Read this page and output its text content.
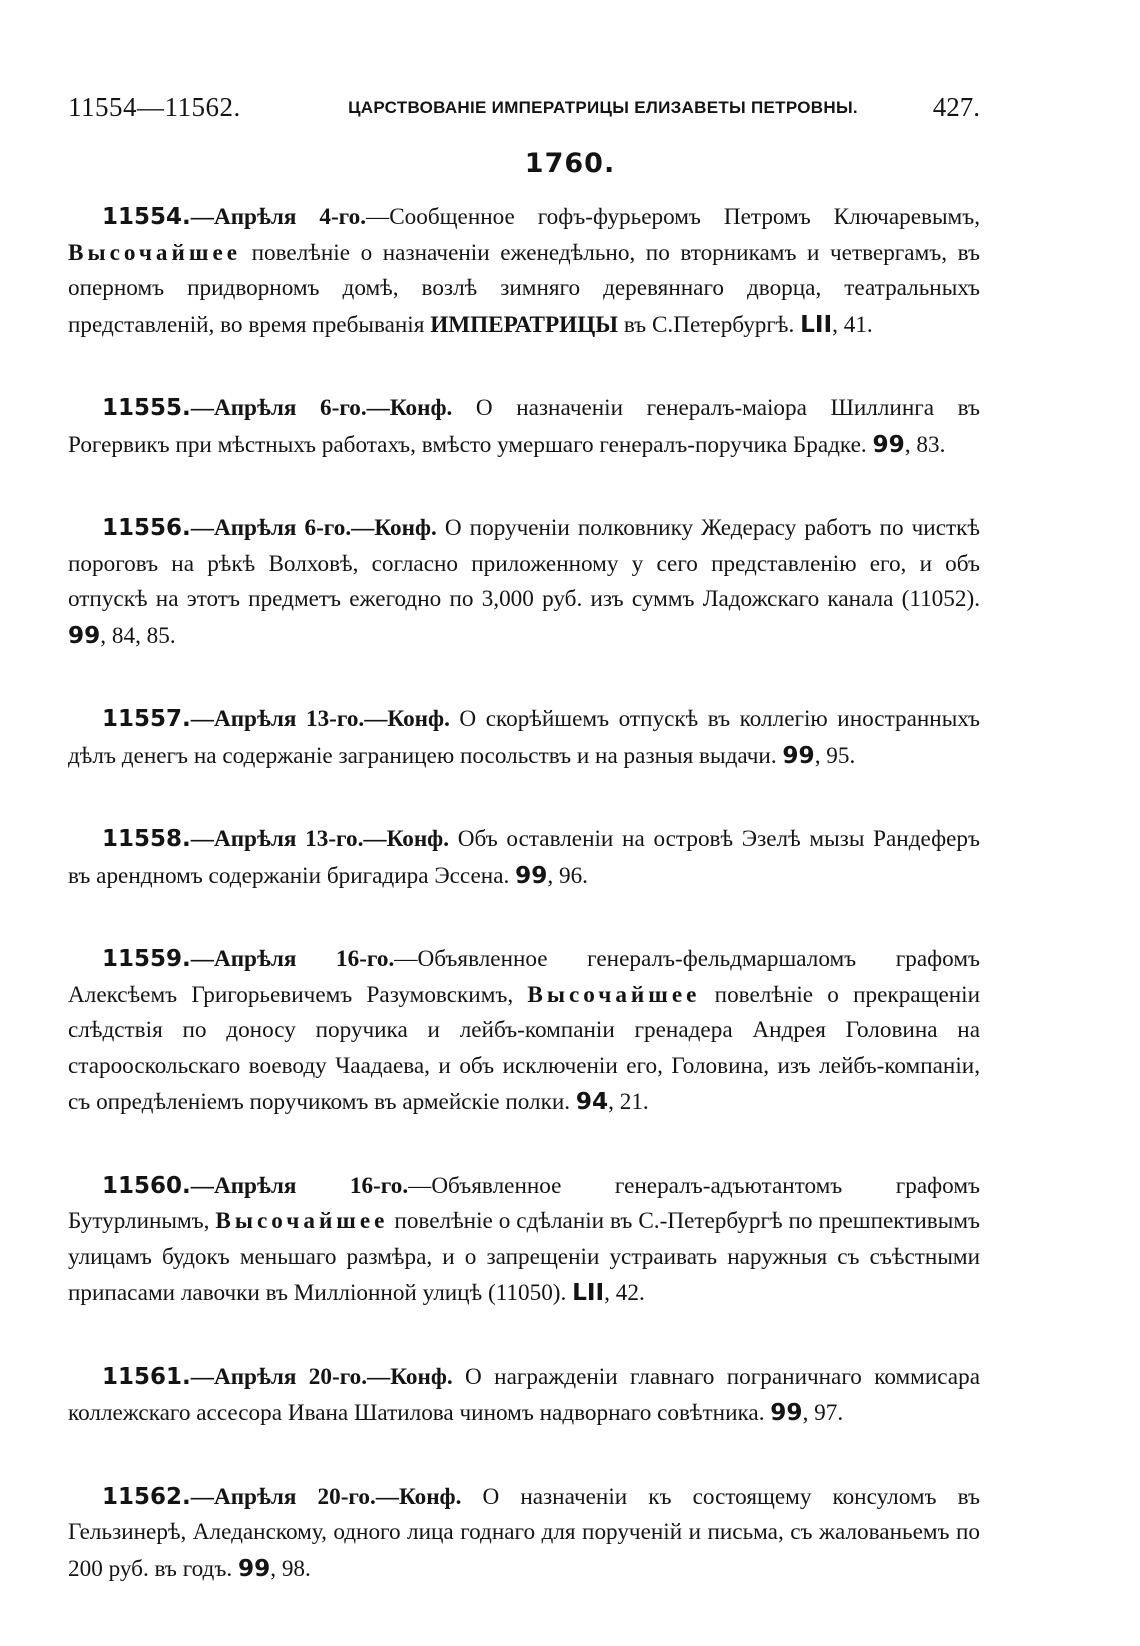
11554—11562.	ЦАРСТВОВАНІЕ ИМПЕРАТРИЦЫ ЕЛИЗАВЕТЫ ПЕТРОВНЫ.	427.
1760.

11554.—Апрѣля 4-го.—Сообщенное гофъ-фурьеромъ Петромъ Ключаревымъ, Высочайшее повелѣніе о назначеніи еженедѣльно, по вторникамъ и четвергамъ, въ оперномъ придворномъ домѣ, возлѣ зимняго деревяннаго дворца, театральныхъ представленій, во время пребыванія ИМПЕРАТРИЦЫ въ С.Петербургѣ. LII, 41.

11555.—Апрѣля 6-го.—Конф. О назначеніи генералъ-маіора Шиллинга въ Рогервикъ при мѣстныхъ работахъ, вмѣсто умершаго генералъ-поручика Брадке. 99, 83.

11556.—Апрѣля 6-го.—Конф. О порученіи полковнику Жедерасу работъ по чисткѣ пороговъ на рѣкѣ Волховѣ, согласно приложенному у сего представленію его, и объ отпускѣ на этотъ предметъ ежегодно по 3,000 руб. изъ суммъ Ладожскаго канала (11052). 99, 84, 85.

11557.—Апрѣля 13-го.—Конф. О скорѣйшемъ отпускѣ въ коллегію иностранныхъ дѣлъ денегъ на содержаніе заграницею посольствъ и на разныя выдачи. 99, 95.

11558.—Апрѣля 13-го.—Конф. Объ оставленіи на островѣ Эзелѣ мызы Рандеферъ въ арендномъ содержаніи бригадира Эссена. 99, 96.

11559.—Апрѣля 16-го.—Объявленное генералъ-фельдмаршаломъ графомъ Алексѣемъ Григорьевичемъ Разумовскимъ, Высочайшее повелѣніе о прекращеніи слѣдствія по доносу поручика и лейбъ-компаніи гренадера Андрея Головина на старооскольскаго воеводу Чаадаева, и объ исключеніи его, Головина, изъ лейбъ-компаніи, съ опредѣленіемъ поручикомъ въ армейскіе полки. 94, 21.

11560.—Апрѣля 16-го.—Объявленное генералъ-адъютантомъ графомъ Бутурлинымъ, Высочайшее повелѣніе о сдѣланіи въ С.-Петербургѣ по прешпективымъ улицамъ будокъ меньшаго размѣра, и о запрещеніи устраивать наружныя съ съѣстными припасами лавочки въ Милліонной улицѣ (11050). LII, 42.

11561.—Апрѣля 20-го.—Конф. О награжденіи главнаго пограничнаго коммисара коллежскаго ассесора Ивана Шатилова чиномъ надворнаго совѣтника. 99, 97.

11562.—Апрѣля 20-го.—Конф. О назначеніи къ состоящему консуломъ въ Гельзинерѣ, Аледанскому, одного лица годнаго для порученій и письма, съ жалованьемъ по 200 руб. въ годъ. 99, 98.
